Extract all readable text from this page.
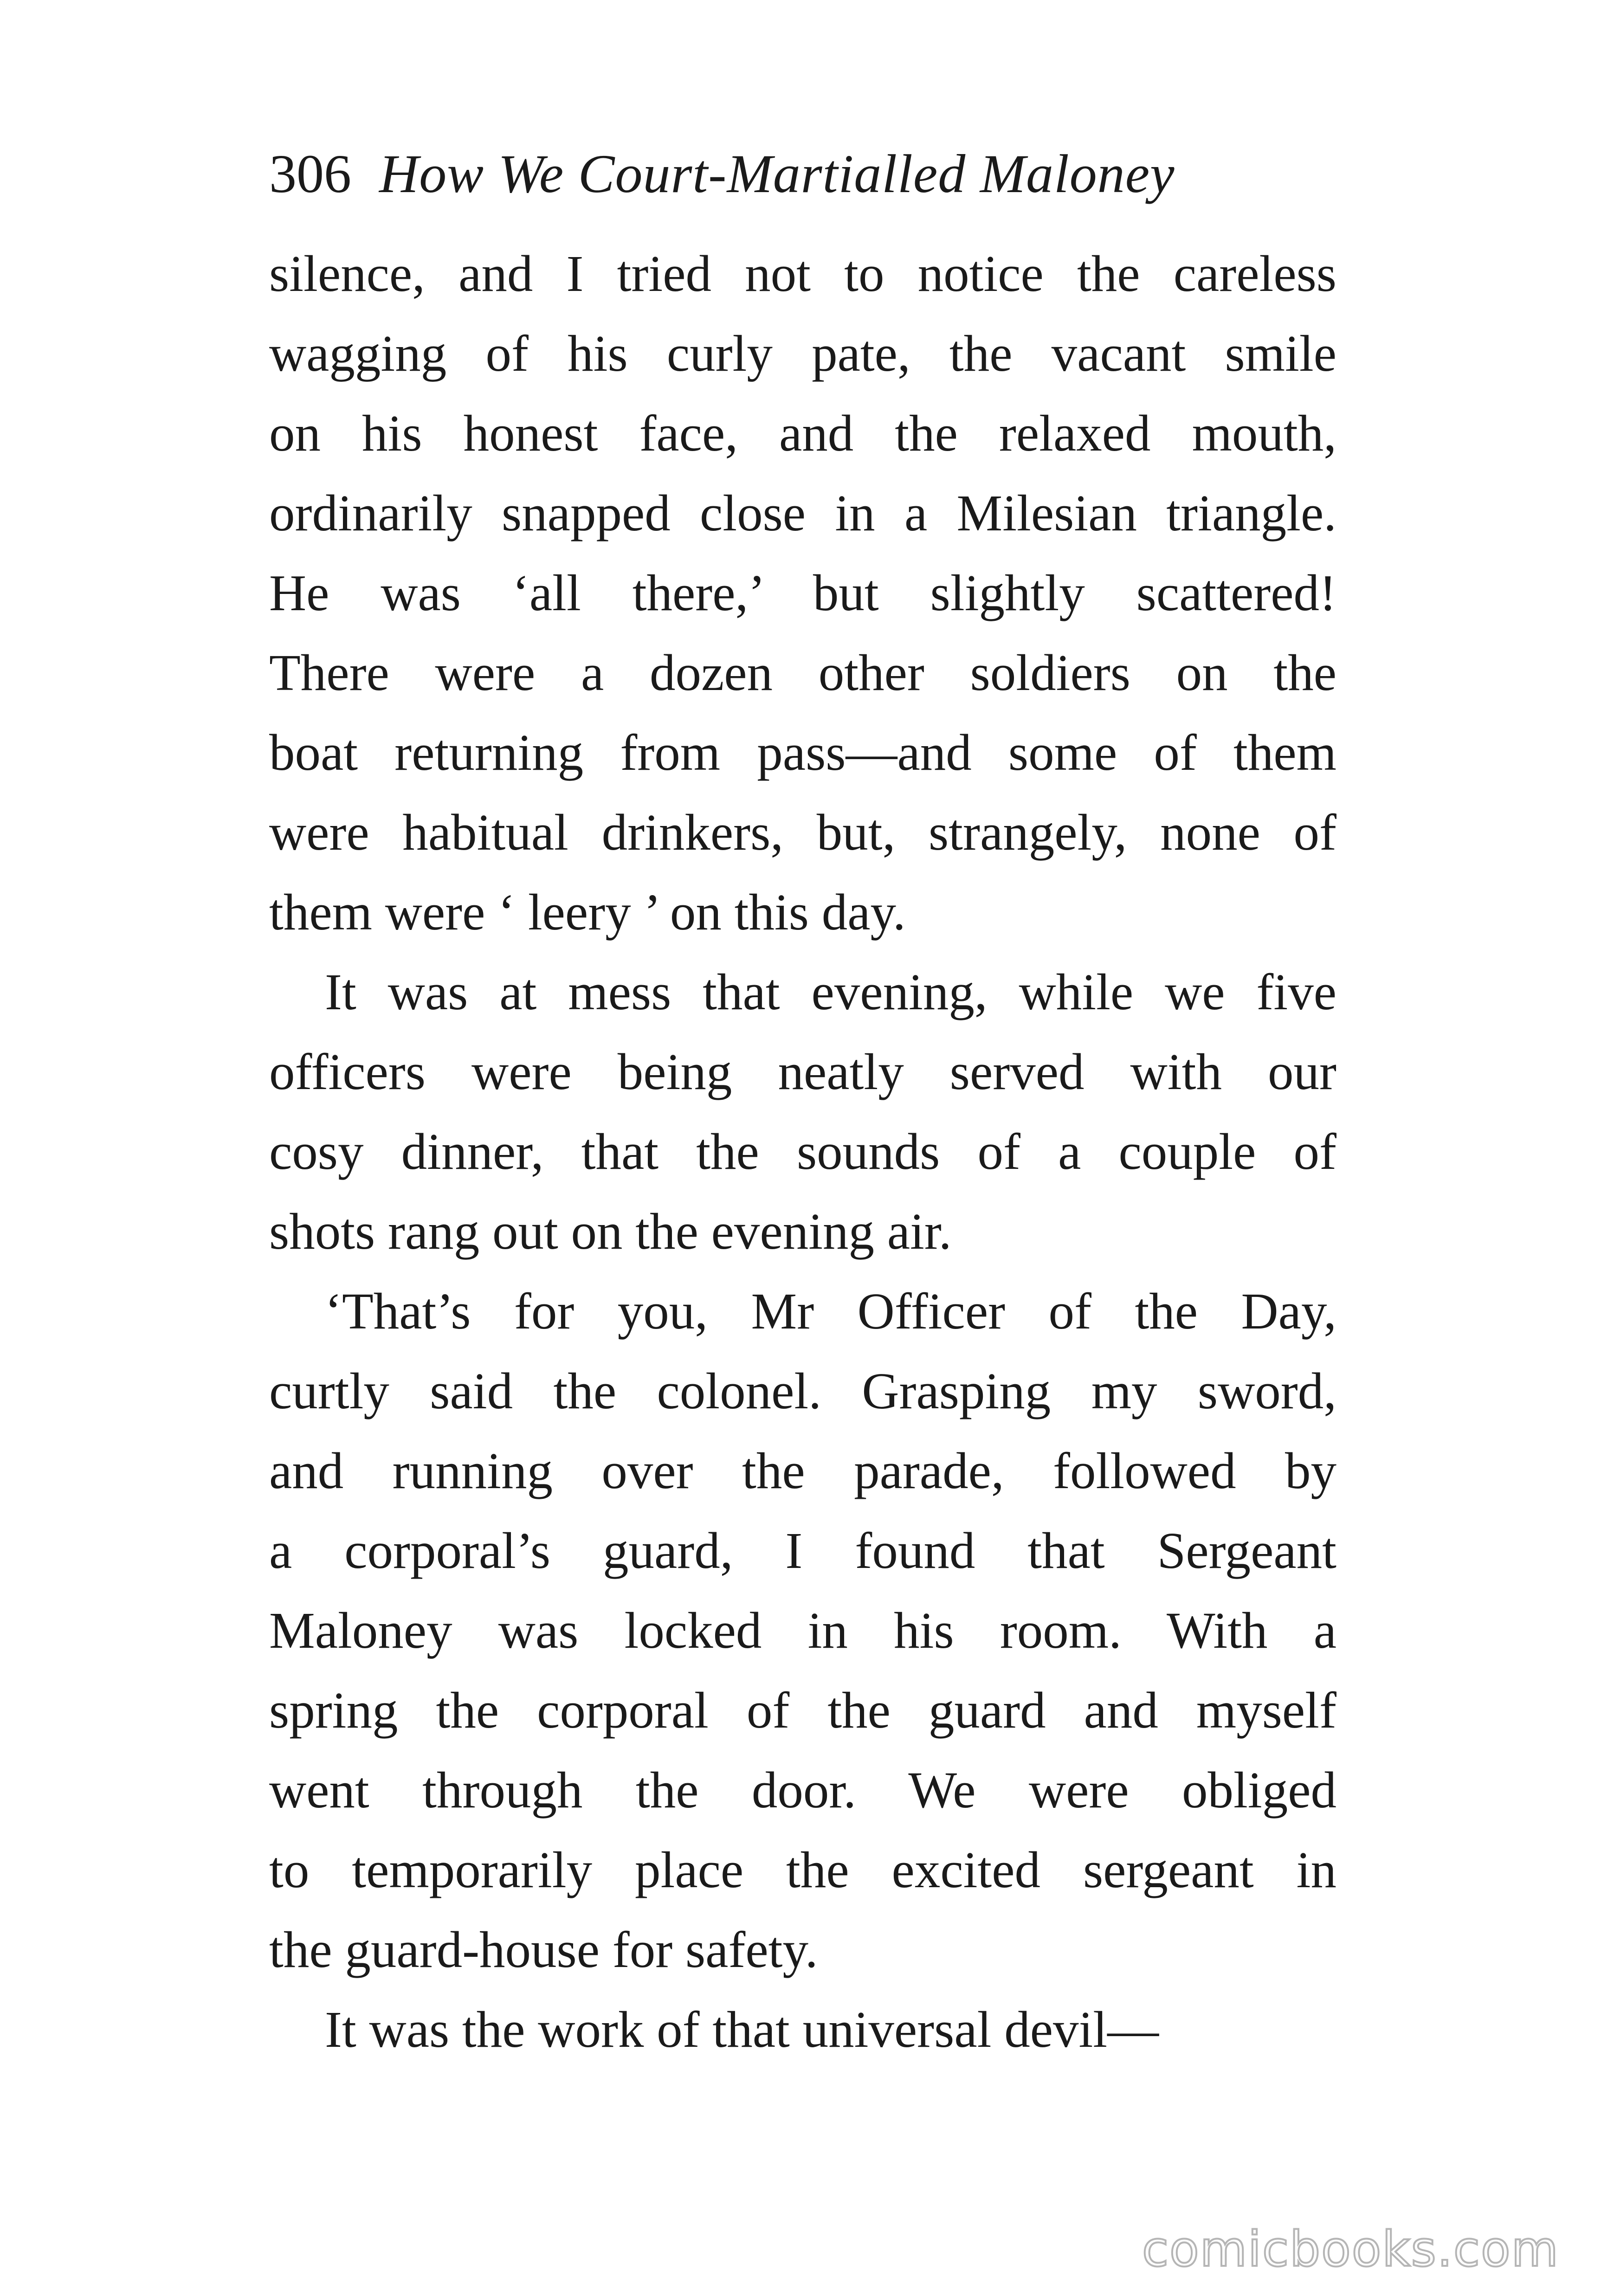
306 How We Court-Martialled Maloney
silence, and I tried not to notice the careless
wagging of his curly pate, the vacant smile
on his honest face, and the relaxed mouth,
ordinarily snapped close in a Milesian triangle.
He was ‘all there,’ but slightly scattered!
There were a dozen other soldiers on the
boat returning from pass—and some of them
were habitual drinkers, but, strangely, none of
them were ‘ leery ’ on this day.
It was at mess that evening, while we five
officers were being neatly served with our
cosy dinner, that the sounds of a couple of
shots rang out on the evening air.
‘That’s for you, Mr Officer of the Day,
curtly said the colonel. Grasping my sword,
and running over the parade, followed by
a corporal’s guard, I found that Sergeant
Maloney was locked in his room. With a
spring the corporal of the guard and myself
went through the door. We were obliged
to temporarily place the excited sergeant in
the guard-house for safety.
It was the work of that universal devil—
comicbooks.com
